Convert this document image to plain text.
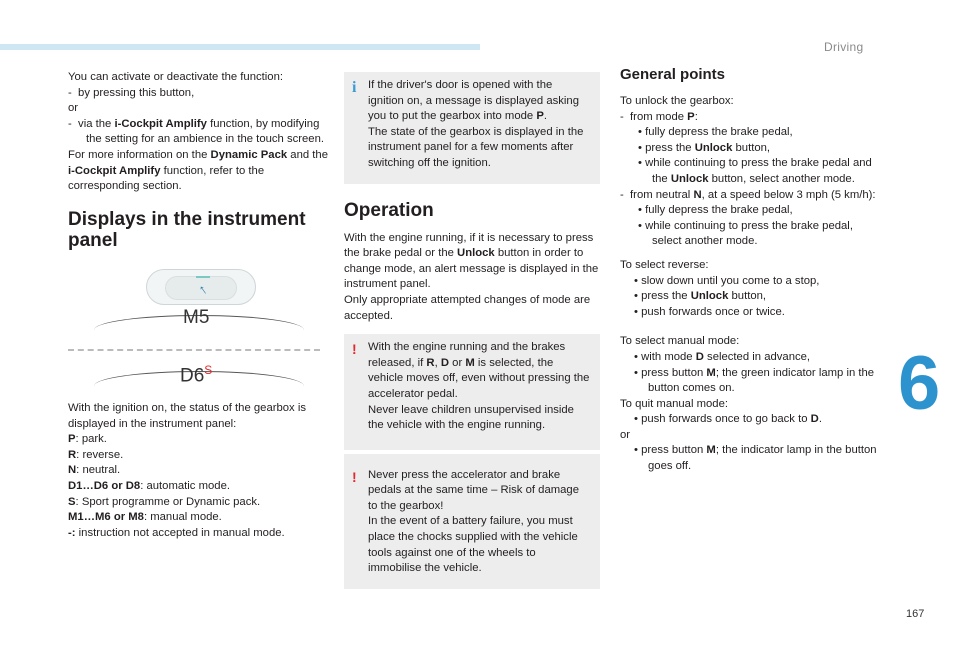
Driving
6
167

You can activate or deactivate the function:

-  by pressing this button,

or

-  via the i-Cockpit Amplify function, by modifying the setting for an ambience in the touch screen.

For more information on the Dynamic Pack and the i-Cockpit Amplify function, refer to the corresponding section.

Displays in the instrument panel

With the ignition on, the status of the gearbox is displayed in the instrument panel:

P: park.

R: reverse.

N: neutral.

D1…D6 or D8: automatic mode.

S: Sport programme or Dynamic pack.

M1…M6 or M8: manual mode.

-: instruction not accepted in manual mode.

↑
M5
$D6^S$
i If the driver's door is opened with the ignition on, a message is displayed asking you to put the gearbox into mode P.

The state of the gearbox is displayed in the instrument panel for a few moments after switching off the ignition.

Operation

With the engine running, if it is necessary to press the brake pedal or the Unlock button in order to change mode, an alert message is displayed in the instrument panel.

Only appropriate attempted changes of mode are accepted.

! With the engine running and the brakes released, if R, D or M is selected, the vehicle moves off, even without pressing the accelerator pedal.

Never leave children unsupervised inside the vehicle with the engine running.

! Never press the accelerator and brake pedals at the same time – Risk of damage to the gearbox!

In the event of a battery failure, you must place the chocks supplied with the vehicle tools against one of the wheels to immobilise the vehicle.

General points

To unlock the gearbox:

-  from mode P:

• fully depress the brake pedal,

• press the Unlock button,

• while continuing to press the brake pedal and the Unlock button, select another mode.

-  from neutral N, at a speed below 3 mph (5 km/h):

• fully depress the brake pedal,

• while continuing to press the brake pedal, select another mode.

To select reverse:

• slow down until you come to a stop,

• press the Unlock button,

• push forwards once or twice.

To select manual mode:

• with mode D selected in advance,

• press button M; the green indicator lamp in the button comes on.

To quit manual mode:

• push forwards once to go back to D.

or

• press button M; the indicator lamp in the button goes off.
